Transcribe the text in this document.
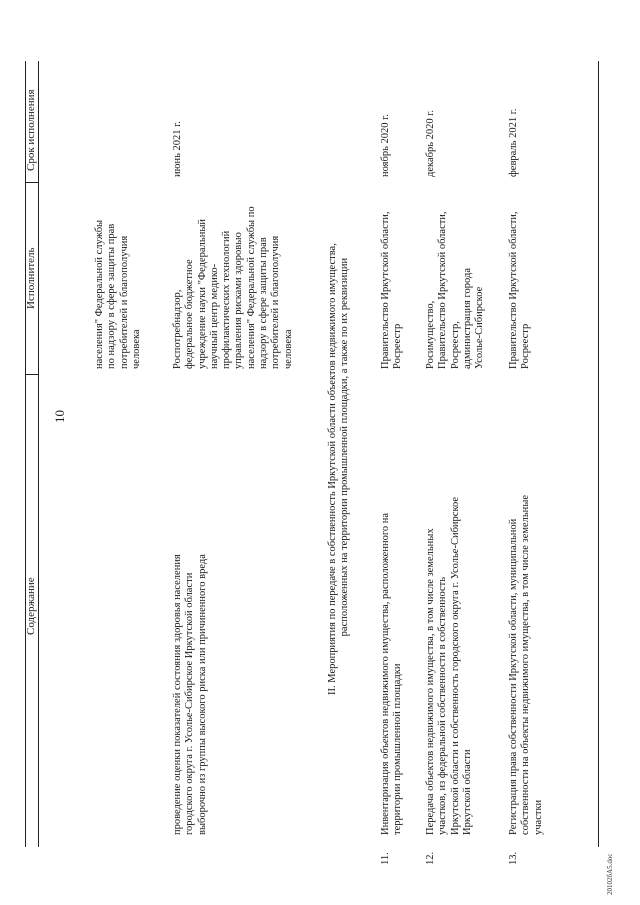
10
Содержание
Исполнитель
Срок исполнения
населения" Федеральной службы по надзору в сфере защиты прав потребителей и благополучия человека
проведение оценки показателей состояния здоровья населения городского округа г. Усолье-Сибирское Иркутской области выборочно из группы высокого риска или причиненного вреда
Роспотребнадзор, федеральное бюджетное учреждение науки "Федеральный научный центр медико- профилактических технологий управления рисками здоровью населения" Федеральной службы по надзору в сфере защиты прав потребителей и благополучия человека
июнь 2021 г.
II. Мероприятия по передаче в собственность Иркутской области объектов недвижимого имущества, расположенных на территории промышленной площадки, а также по их реквизиции
11.
Инвентаризация объектов недвижимого имущества, расположенного на территории промышленной площадки
Правительство Иркутской области, Росреестр
ноябрь 2020 г.
12.
Передача объектов недвижимого имущества, в том числе земельных участков, из федеральной собственности в собственность Иркутской области и собственность городского округа г. Усолье-Сибирское Иркутской области
Росимущество, Правительство Иркутской области, Росреестр, администрация города Усолье-Сибирское
декабрь 2020 г.
13.
Регистрация права собственности Иркутской области, муниципальной собственности на объекты недвижимого имущества, в том числе земельные участки
Правительство Иркутской области, Росреестр
февраль 2021 г.
20102бА5.doc
